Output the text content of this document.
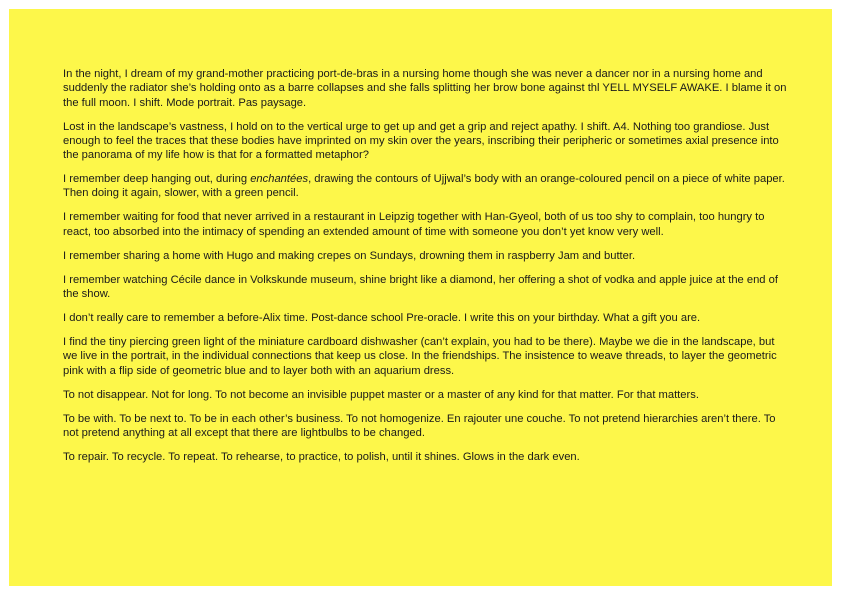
In the night, I dream of my grand-mother practicing port-de-bras in a nursing home though she was never a dancer nor in a nursing home and suddenly the radiator she’s holding onto as a barre collapses and she falls splitting her brow bone against thl YELL MYSELF AWAKE. I blame it on the full moon. I shift. Mode portrait. Pas paysage.

Lost in the landscape’s vastness, I hold on to the vertical urge to get up and get a grip and reject apathy. I shift. A4. Nothing too grandiose. Just enough to feel the traces that these bodies have imprinted on my skin over the years, inscribing their peripheric or sometimes axial presence into the panorama of my life how is that for a formatted metaphor?

I remember deep hanging out, during enchantées, drawing the contours of Ujjwal’s body with an orange-coloured pencil on a piece of white paper. Then doing it again, slower, with a green pencil.

I remember waiting for food that never arrived in a restaurant in Leipzig together with Han-Gyeol, both of us too shy to complain, too hungry to react, too absorbed into the intimacy of spending an extended amount of time with someone you don’t yet know very well.

I remember sharing a home with Hugo and making crepes on Sundays, drowning them in raspberry Jam and butter.

I remember watching Cécile dance in Volkskunde museum, shine bright like a diamond, her offering a shot of vodka and apple juice at the end of the show.

I don’t really care to remember a before-Alix time. Post-dance school Pre-oracle. I write this on your birthday. What a gift you are.

I find the tiny piercing green light of the miniature cardboard dishwasher (can’t explain, you had to be there). Maybe we die in the landscape, but we live in the portrait, in the individual connections that keep us close. In the friendships. The insistence to weave threads, to layer the geometric pink with a flip side of geometric blue and to layer both with an aquarium dress.

To not disappear. Not for long. To not become an invisible puppet master or a master of any kind for that matter. For that matters.

To be with. To be next to. To be in each other’s business. To not homogenize. En rajouter une couche. To not pretend hierarchies aren’t there. To not pretend anything at all except that there are lightbulbs to be changed.

To repair. To recycle. To repeat. To rehearse, to practice, to polish, until it shines. Glows in the dark even.
